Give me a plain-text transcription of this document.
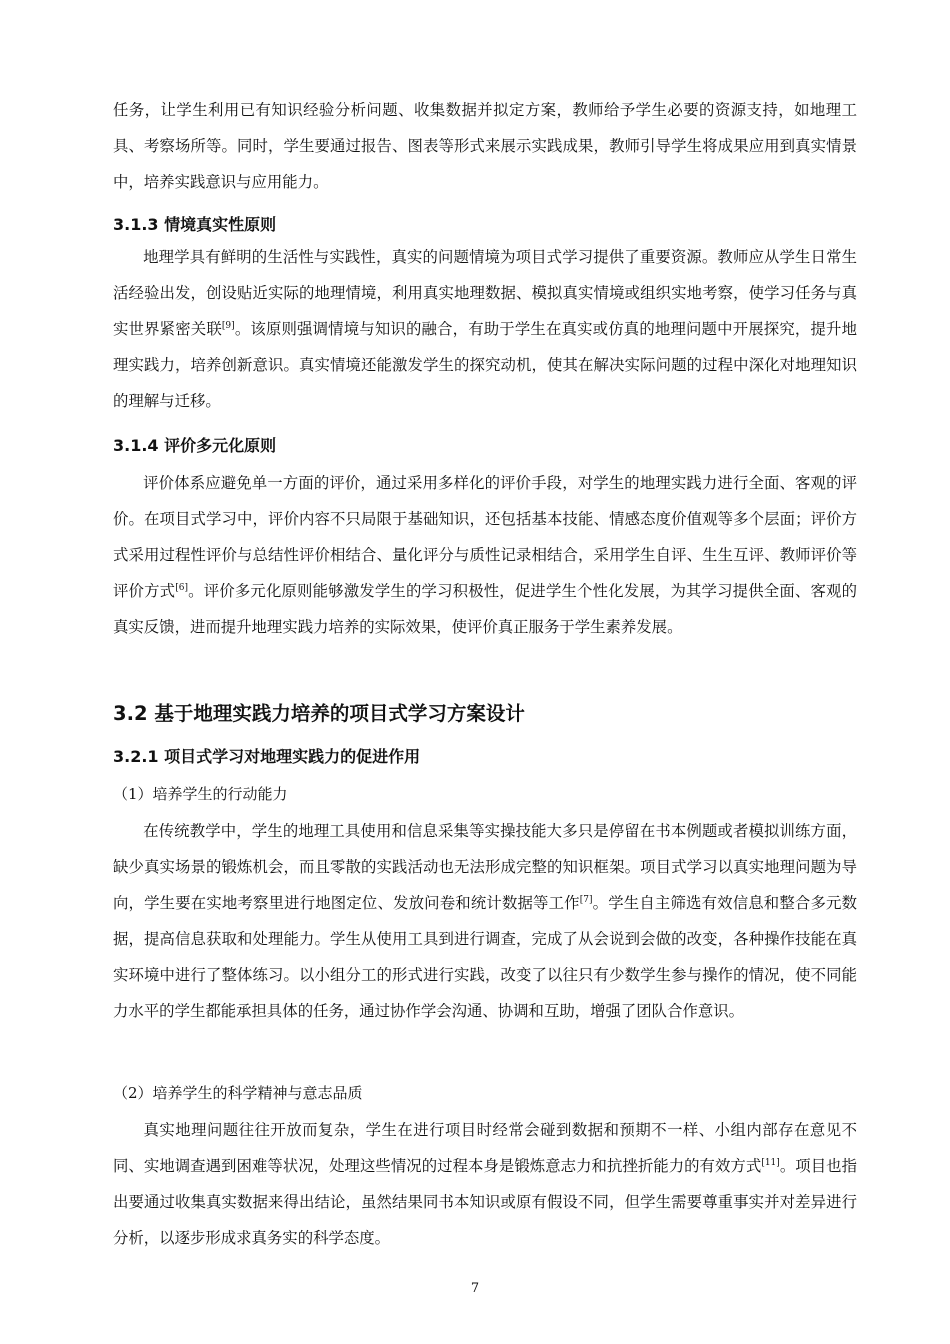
任务，让学生利用已有知识经验分析问题、收集数据并拟定方案，教师给予学生必要的资源支持，如地理工具、考察场所等。同时，学生要通过报告、图表等形式来展示实践成果，教师引导学生将成果应用到真实情景中，培养实践意识与应用能力。

3.1.3 情境真实性原则

地理学具有鲜明的生活性与实践性，真实的问题情境为项目式学习提供了重要资源。教师应从学生日常生活经验出发，创设贴近实际的地理情境，利用真实地理数据、模拟真实情境或组织实地考察，使学习任务与真实世界紧密关联[9]。该原则强调情境与知识的融合，有助于学生在真实或仿真的地理问题中开展探究，提升地理实践力，培养创新意识。真实情境还能激发学生的探究动机，使其在解决实际问题的过程中深化对地理知识的理解与迁移。

3.1.4 评价多元化原则

评价体系应避免单一方面的评价，通过采用多样化的评价手段，对学生的地理实践力进行全面、客观的评价。在项目式学习中，评价内容不只局限于基础知识，还包括基本技能、情感态度价值观等多个层面；评价方式采用过程性评价与总结性评价相结合、量化评分与质性记录相结合，采用学生自评、生生互评、教师评价等评价方式[6]。评价多元化原则能够激发学生的学习积极性，促进学生个性化发展，为其学习提供全面、客观的真实反馈，进而提升地理实践力培养的实际效果，使评价真正服务于学生素养发展。

3.2 基于地理实践力培养的项目式学习方案设计
3.2.1 项目式学习对地理实践力的促进作用

（1）培养学生的行动能力

在传统教学中，学生的地理工具使用和信息采集等实操技能大多只是停留在书本例题或者模拟训练方面，缺少真实场景的锻炼机会，而且零散的实践活动也无法形成完整的知识框架。项目式学习以真实地理问题为导向，学生要在实地考察里进行地图定位、发放问卷和统计数据等工作[7]。学生自主筛选有效信息和整合多元数据，提高信息获取和处理能力。学生从使用工具到进行调查，完成了从会说到会做的改变，各种操作技能在真实环境中进行了整体练习。以小组分工的形式进行实践，改变了以往只有少数学生参与操作的情况，使不同能力水平的学生都能承担具体的任务，通过协作学会沟通、协调和互助，增强了团队合作意识。

（2）培养学生的科学精神与意志品质

真实地理问题往往开放而复杂，学生在进行项目时经常会碰到数据和预期不一样、小组内部存在意见不同、实地调查遇到困难等状况，处理这些情况的过程本身是锻炼意志力和抗挫折能力的有效方式[11]。项目也指出要通过收集真实数据来得出结论，虽然结果同书本知识或原有假设不同，但学生需要尊重事实并对差异进行分析，以逐步形成求真务实的科学态度。

7
